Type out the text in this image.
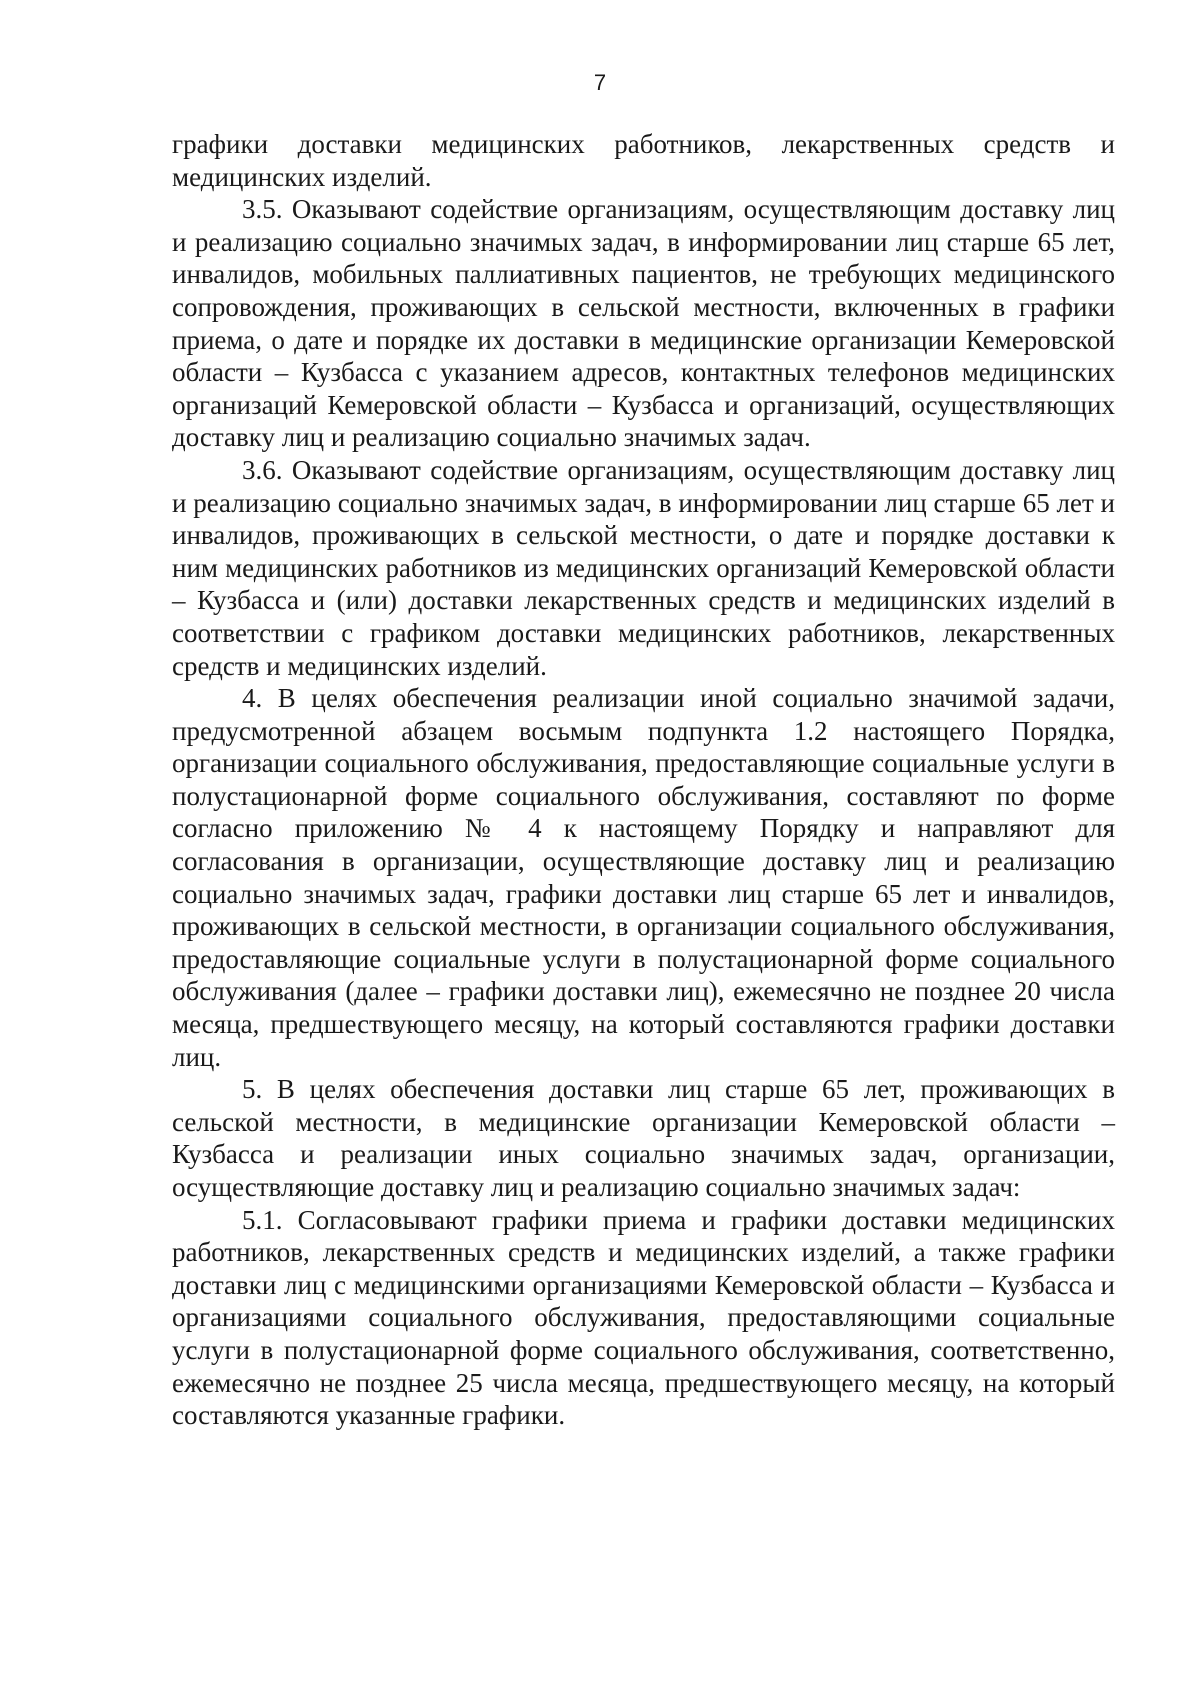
7

графики доставки медицинских работников, лекарственных средств и медицинских изделий.

3.5. Оказывают содействие организациям, осуществляющим доставку лиц и реализацию социально значимых задач, в информировании лиц старше 65 лет, инвалидов, мобильных паллиативных пациентов, не требующих медицинского сопровождения, проживающих в сельской местности, включенных в графики приема, о дате и порядке их доставки в медицинские организации Кемеровской области – Кузбасса с указанием адресов, контактных телефонов медицинских организаций Кемеровской области – Кузбасса и организаций, осуществляющих доставку лиц и реализацию социально значимых задач.

3.6. Оказывают содействие организациям, осуществляющим доставку лиц и реализацию социально значимых задач, в информировании лиц старше 65 лет и инвалидов, проживающих в сельской местности, о дате и порядке доставки к ним медицинских работников из медицинских организаций Кемеровской области – Кузбасса и (или) доставки лекарственных средств и медицинских изделий в соответствии с графиком доставки медицинских работников, лекарственных средств и медицинских изделий.

4. В целях обеспечения реализации иной социально значимой задачи, предусмотренной абзацем восьмым подпункта 1.2 настоящего Порядка, организации социального обслуживания, предоставляющие социальные услуги в полустационарной форме социального обслуживания, составляют по форме согласно приложению № 4 к настоящему Порядку и направляют для согласования в организации, осуществляющие доставку лиц и реализацию социально значимых задач, графики доставки лиц старше 65 лет и инвалидов, проживающих в сельской местности, в организации социального обслуживания, предоставляющие социальные услуги в полустационарной форме социального обслуживания (далее – графики доставки лиц), ежемесячно не позднее 20 числа месяца, предшествующего месяцу, на который составляются графики доставки лиц.

5. В целях обеспечения доставки лиц старше 65 лет, проживающих в сельской местности, в медицинские организации Кемеровской области – Кузбасса и реализации иных социально значимых задач, организации, осуществляющие доставку лиц и реализацию социально значимых задач:

5.1. Согласовывают графики приема и графики доставки медицинских работников, лекарственных средств и медицинских изделий, а также графики доставки лиц с медицинскими организациями Кемеровской области – Кузбасса и организациями социального обслуживания, предоставляющими социальные услуги в полустационарной форме социального обслуживания, соответственно, ежемесячно не позднее 25 числа месяца, предшествующего месяцу, на который составляются указанные графики.
